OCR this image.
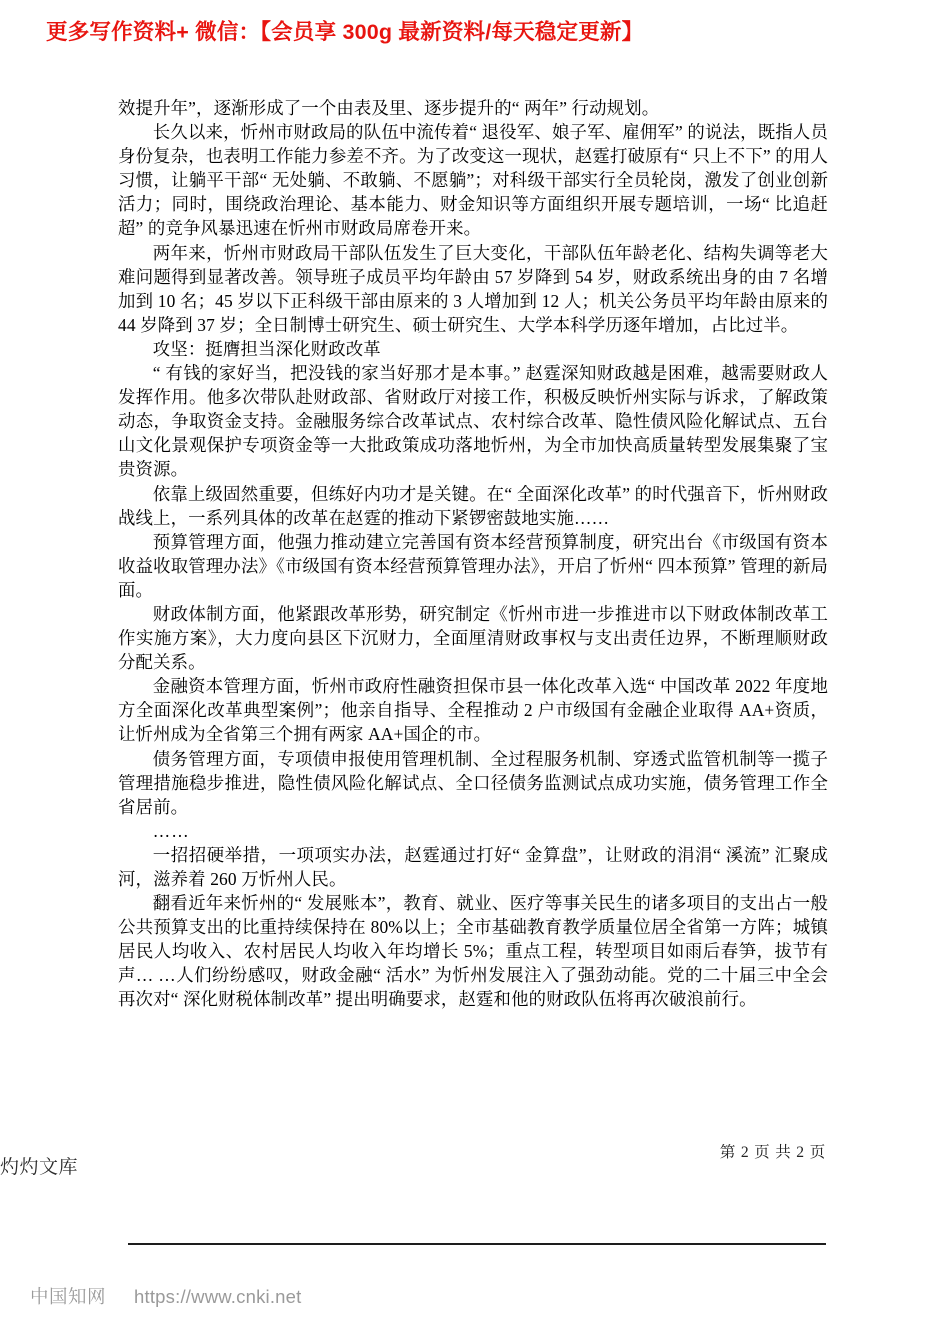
更多写作资料+ 微信：【会员享 300g 最新资料/每天稳定更新】

效提升年”，逐渐形成了一个由表及里、逐步提升的“ 两年” 行动规划。

长久以来，忻州市财政局的队伍中流传着“ 退役军、娘子军、雇佣军” 的说法，既指人员身份复杂，也表明工作能力参差不齐。为了改变这一现状，赵霆打破原有“ 只上不下” 的用人习惯，让躺平干部“ 无处躺、不敢躺、不愿躺”；对科级干部实行全员轮岗，激发了创业创新活力；同时，围绕政治理论、基本能力、财金知识等方面组织开展专题培训，一场“ 比追赶超” 的竞争风暴迅速在忻州市财政局席卷开来。

两年来，忻州市财政局干部队伍发生了巨大变化，干部队伍年龄老化、结构失调等老大难问题得到显著改善。领导班子成员平均年龄由 57 岁降到 54 岁，财政系统出身的由 7 名增加到 10 名；45 岁以下正科级干部由原来的 3 人增加到 12 人；机关公务员平均年龄由原来的 44 岁降到 37 岁；全日制博士研究生、硕士研究生、大学本科学历逐年增加，占比过半。

攻坚：挺膺担当深化财政改革

“ 有钱的家好当，把没钱的家当好那才是本事。” 赵霆深知财政越是困难，越需要财政人发挥作用。他多次带队赴财政部、省财政厅对接工作，积极反映忻州实际与诉求，了解政策动态，争取资金支持。金融服务综合改革试点、农村综合改革、隐性债风险化解试点、五台山文化景观保护专项资金等一大批政策成功落地忻州，为全市加快高质量转型发展集聚了宝贵资源。

依靠上级固然重要，但练好内功才是关键。在“ 全面深化改革” 的时代强音下，忻州财政战线上，一系列具体的改革在赵霆的推动下紧锣密鼓地实施……

预算管理方面，他强力推动建立完善国有资本经营预算制度，研究出台《市级国有资本收益收取管理办法》《市级国有资本经营预算管理办法》，开启了忻州“ 四本预算” 管理的新局面。

财政体制方面，他紧跟改革形势，研究制定《忻州市进一步推进市以下财政体制改革工作实施方案》，大力度向县区下沉财力，全面厘清财政事权与支出责任边界，不断理顺财政分配关系。

金融资本管理方面，忻州市政府性融资担保市县一体化改革入选“ 中国改革 2022 年度地方全面深化改革典型案例”；他亲自指导、全程推动 2 户市级国有金融企业取得 AA+资质，让忻州成为全省第三个拥有两家 AA+国企的市。

债务管理方面，专项债申报使用管理机制、全过程服务机制、穿透式监管机制等一揽子管理措施稳步推进，隐性债风险化解试点、全口径债务监测试点成功实施，债务管理工作全省居前。

……

一招招硬举措，一项项实办法，赵霆通过打好“ 金算盘”，让财政的涓涓“ 溪流” 汇聚成河，滋养着 260 万忻州人民。

翻看近年来忻州的“ 发展账本”，教育、就业、医疗等事关民生的诸多项目的支出占一般公共预算支出的比重持续保持在 80%以上；全市基础教育教学质量位居全省第一方阵；城镇居民人均收入、农村居民人均收入年均增长 5%；重点工程，转型项目如雨后春笋，拔节有声… …人们纷纷感叹，财政金融“ 活水” 为忻州发展注入了强劲动能。党的二十届三中全会再次对“ 深化财税体制改革” 提出明确要求，赵霆和他的财政队伍将再次破浪前行。

灼灼文库
第 2 页 共 2 页
中国知网 https://www.cnki.net
